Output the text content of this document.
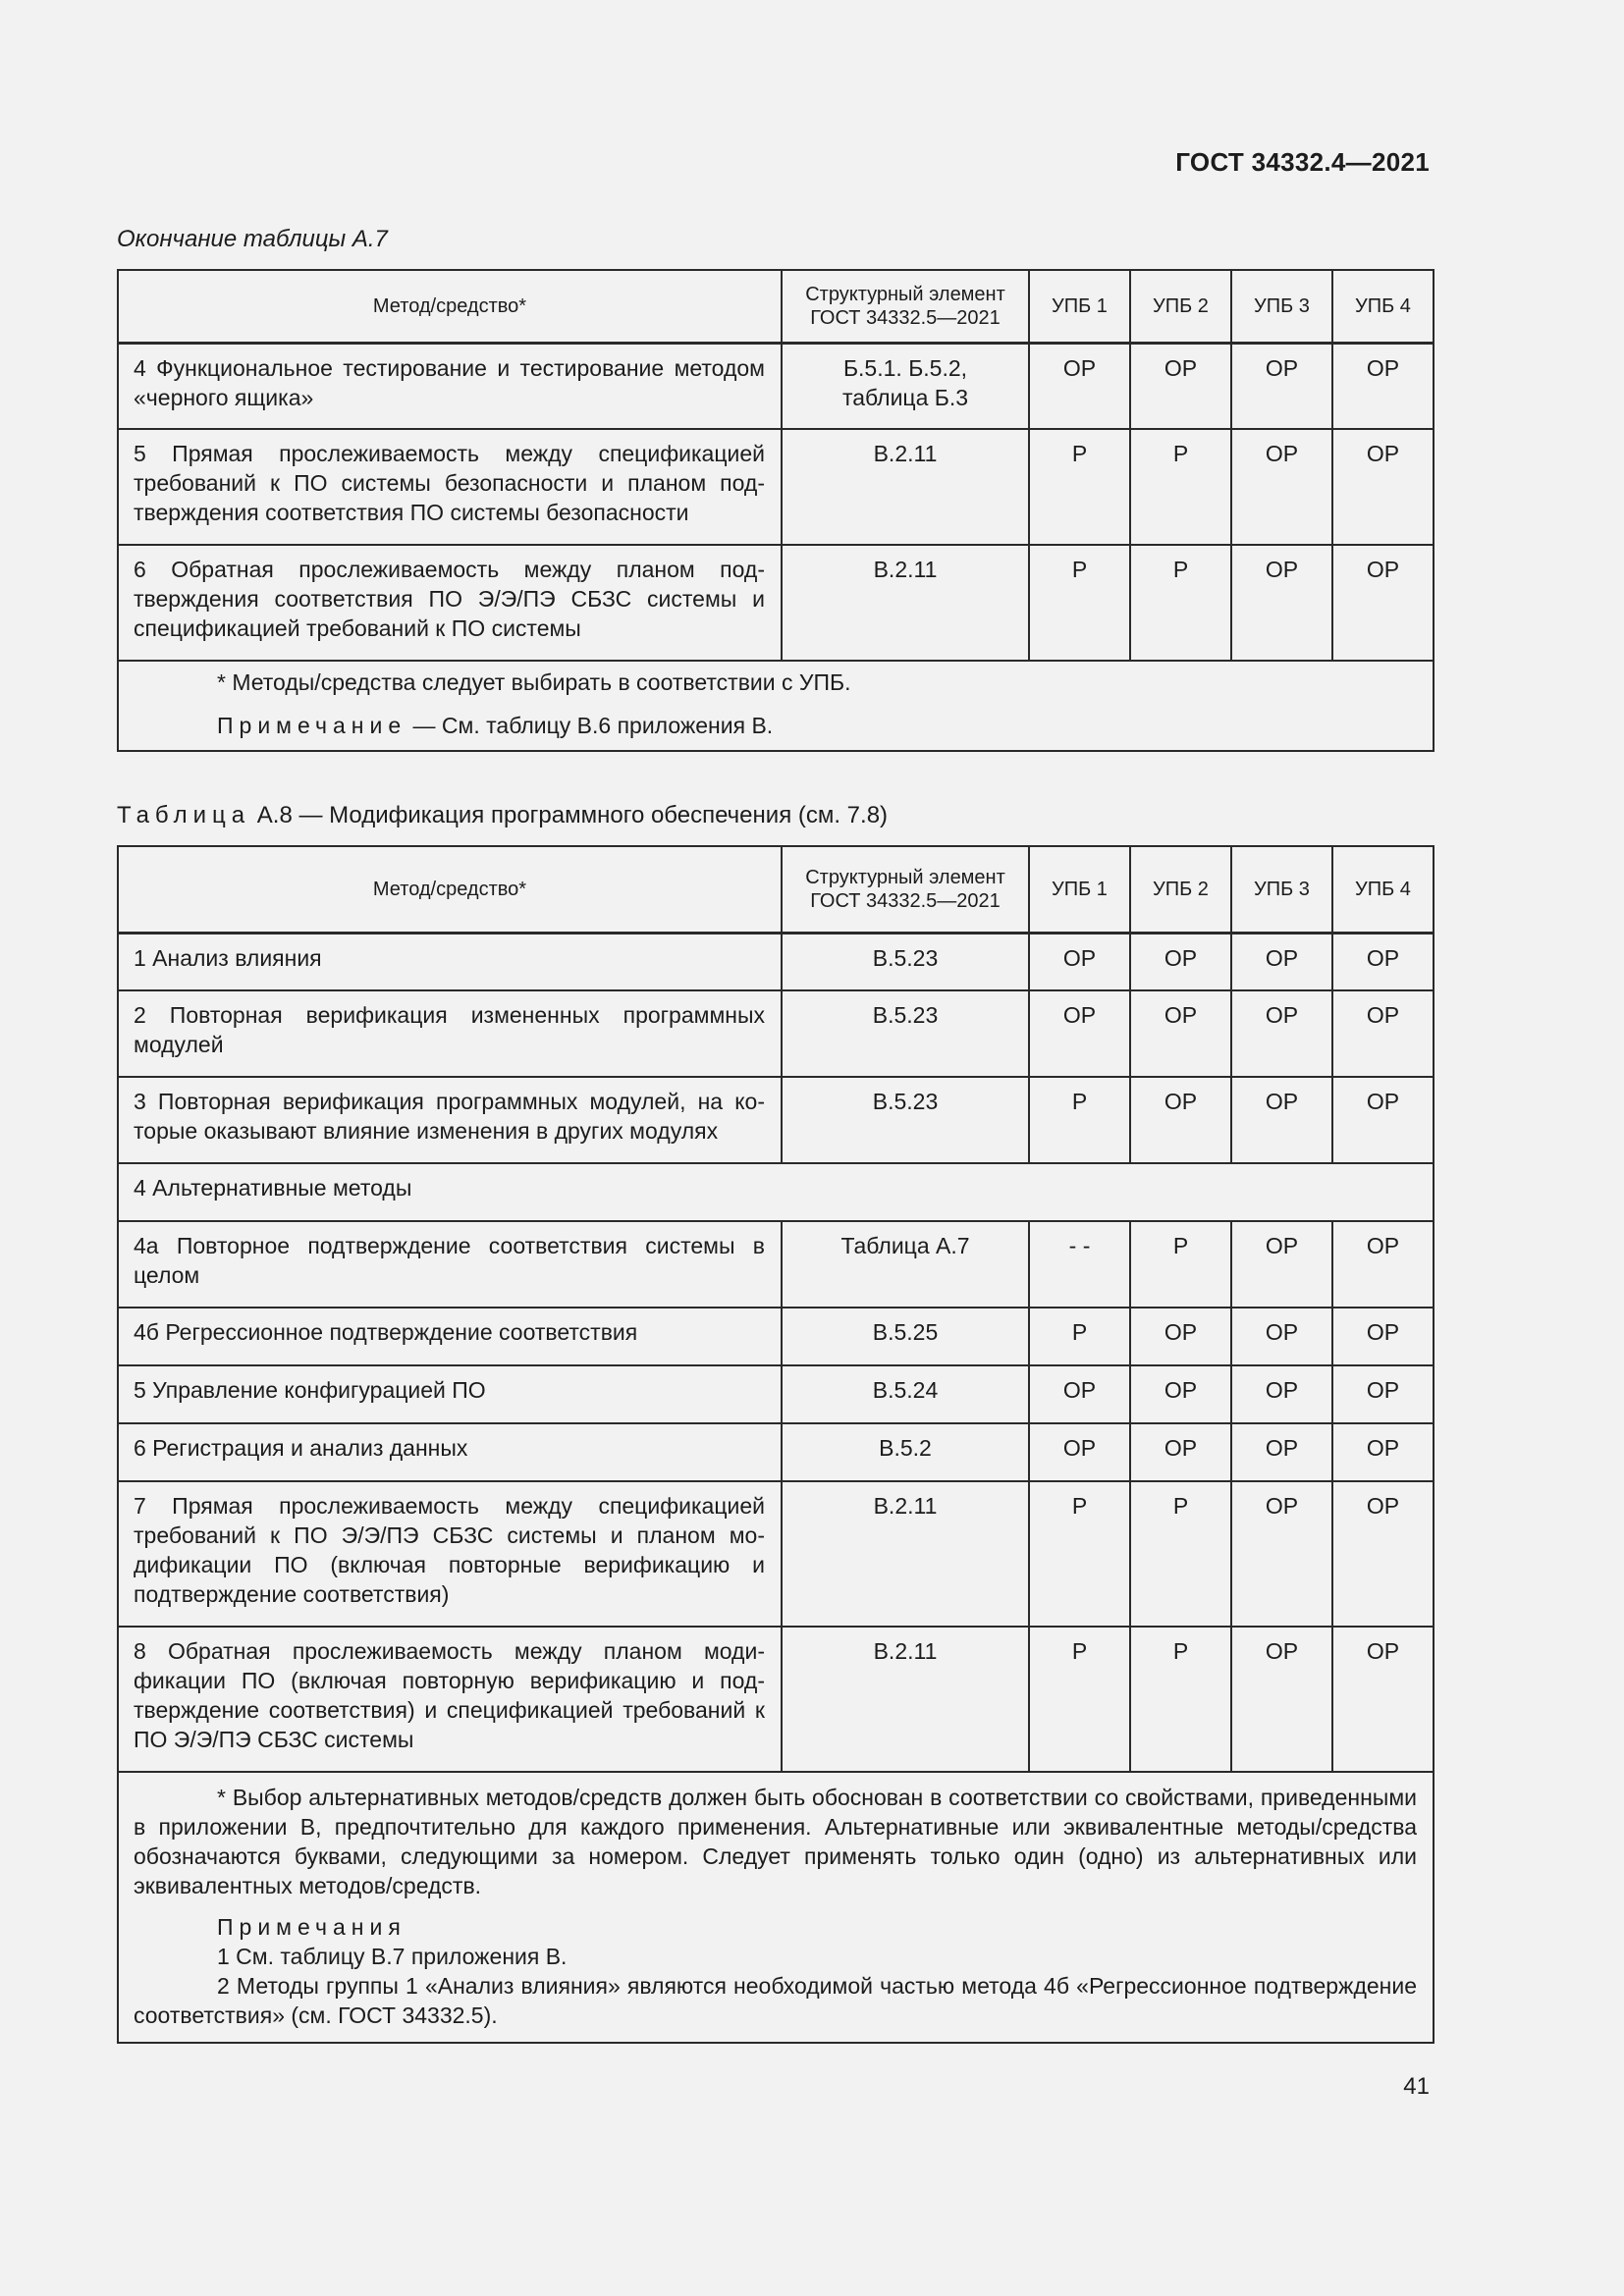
ГОСТ 34332.4—2021
Окончание таблицы А.7
Метод/средство*	Структурный элемент ГОСТ 34332.5—2021	УПБ 1	УПБ 2	УПБ 3	УПБ 4
4 Функциональное тестирование и тестирование методом «черного ящика»	Б.5.1. Б.5.2, таблица Б.3	ОР	ОР	ОР	ОР
5 Прямая прослеживаемость между спецификацией требований к ПО системы безопасности и планом подтверждения соответствия ПО системы безопасности	В.2.11	Р	Р	ОР	ОР
6 Обратная прослеживаемость между планом подтверждения соответствия ПО Э/Э/ПЭ СБЗС системы и спецификацией требований к ПО системы	В.2.11	Р	Р	ОР	ОР

* Методы/средства следует выбирать в соответствии с УПБ.

Примечание — См. таблицу В.6 приложения В.					

Таблица А.8 — Модификация программного обеспечения (см. 7.8)
Метод/средство*	Структурный элемент ГОСТ 34332.5—2021	УПБ 1	УПБ 2	УПБ 3	УПБ 4
1 Анализ влияния	В.5.23	ОР	ОР	ОР	ОР
2 Повторная верификация измененных программных модулей	В.5.23	ОР	ОР	ОР	ОР
3 Повторная верификация программных модулей, на которые оказывают влияние изменения в других модулях	В.5.23	Р	ОР	ОР	ОР
4 Альтернативные методы					
4а Повторное подтверждение соответствия системы в целом	Таблица А.7	- -	Р	ОР	ОР
4б Регрессионное подтверждение соответствия	В.5.25	Р	ОР	ОР	ОР
5 Управление конфигурацией ПО	В.5.24	ОР	ОР	ОР	ОР
6 Регистрация и анализ данных	В.5.2	ОР	ОР	ОР	ОР
7 Прямая прослеживаемость между спецификацией требований к ПО Э/Э/ПЭ СБЗС системы и планом модификации ПО (включая повторные верификацию и подтверждение соответствия)	В.2.11	Р	Р	ОР	ОР
8 Обратная прослеживаемость между планом модификации ПО (включая повторную верификацию и подтверждение соответствия) и спецификацией требований к ПО Э/Э/ПЭ СБЗС системы	В.2.11	Р	Р	ОР	ОР

* Выбор альтернативных методов/средств должен быть обоснован в соответствии со свойствами, приведенными в приложении В, предпочтительно для каждого применения. Альтернативные или эквивалентные методы/средства обозначаются буквами, следующими за номером. Следует применять только один (одно) из альтернативных или эквивалентных методов/средств.

Примечания

1 См. таблицу В.7 приложения В.

2 Методы группы 1 «Анализ влияния» являются необходимой частью метода 4б «Регрессионное подтверждение соответствия» (см. ГОСТ 34332.5).					

41
